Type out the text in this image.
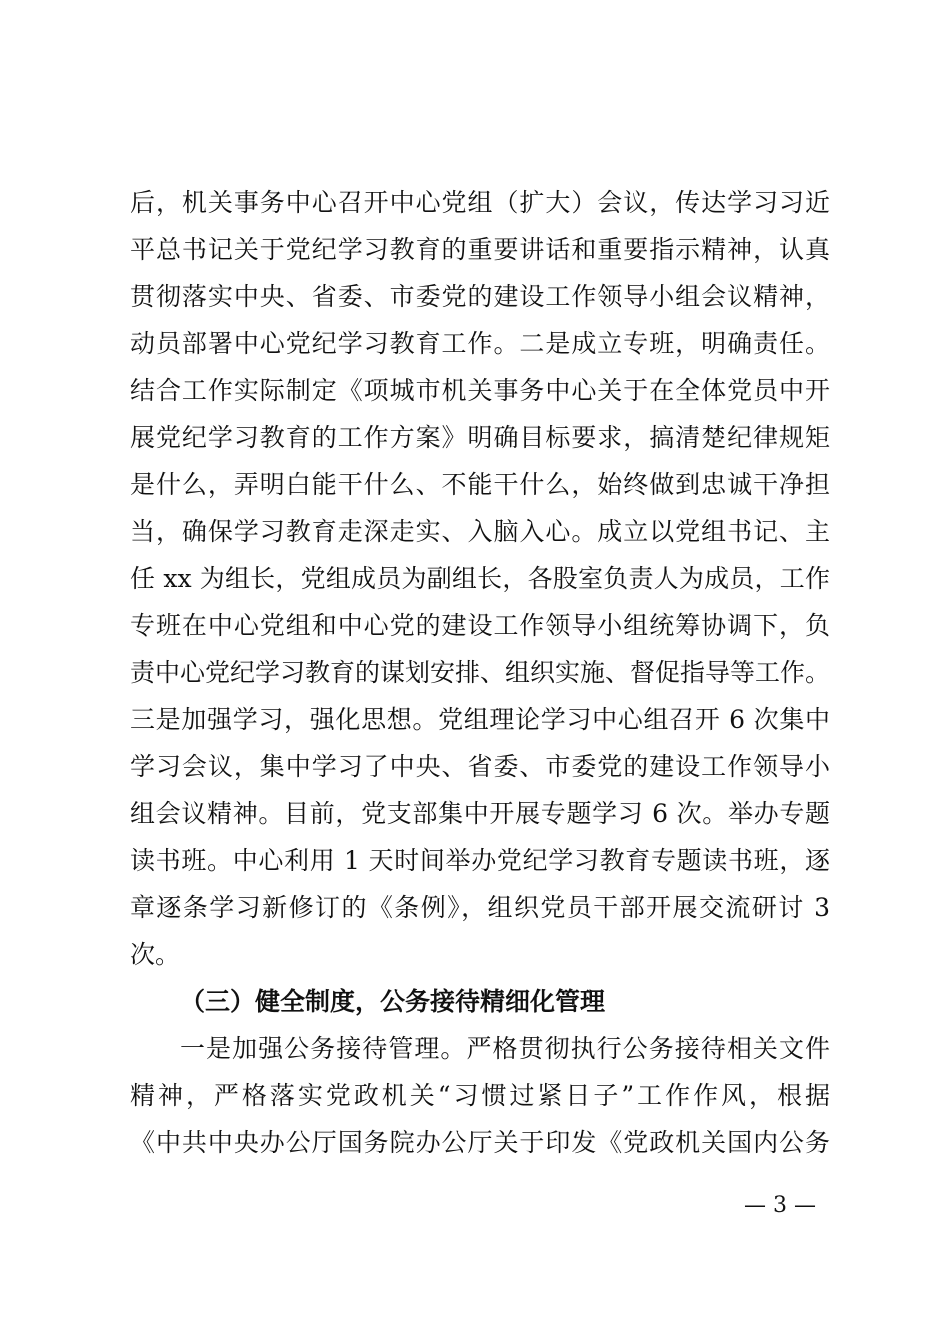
后，机关事务中心召开中心党组（扩大）会议，传达学习习近
平总书记关于党纪学习教育的重要讲话和重要指示精神，认真
贯彻落实中央、省委、市委党的建设工作领导小组会议精神，
动员部署中心党纪学习教育工作。二是成立专班，明确责任。
结合工作实际制定《项城市机关事务中心关于在全体党员中开
展党纪学习教育的工作方案》明确目标要求，搞清楚纪律规矩
是什么，弄明白能干什么、不能干什么，始终做到忠诚干净担
当，确保学习教育走深走实、入脑入心。成立以党组书记、主
任 xx 为组长，党组成员为副组长，各股室负责人为成员，工作
专班在中心党组和中心党的建设工作领导小组统筹协调下，负
责中心党纪学习教育的谋划安排、组织实施、督促指导等工作。
三是加强学习，强化思想。党组理论学习中心组召开 6 次集中
学习会议，集中学习了中央、省委、市委党的建设工作领导小
组会议精神。目前，党支部集中开展专题学习 6 次。举办专题
读书班。中心利用 1 天时间举办党纪学习教育专题读书班，逐
章逐条学习新修订的《条例》，组织党员干部开展交流研讨 3
次。
（三）健全制度，公务接待精细化管理
一是加强公务接待管理。严格贯彻执行公务接待相关文件
精神，严格落实党政机关“习惯过紧日子”工作作风，根据
《中共中央办公厅国务院办公厅关于印发《党政机关国内公务
— 3 —
